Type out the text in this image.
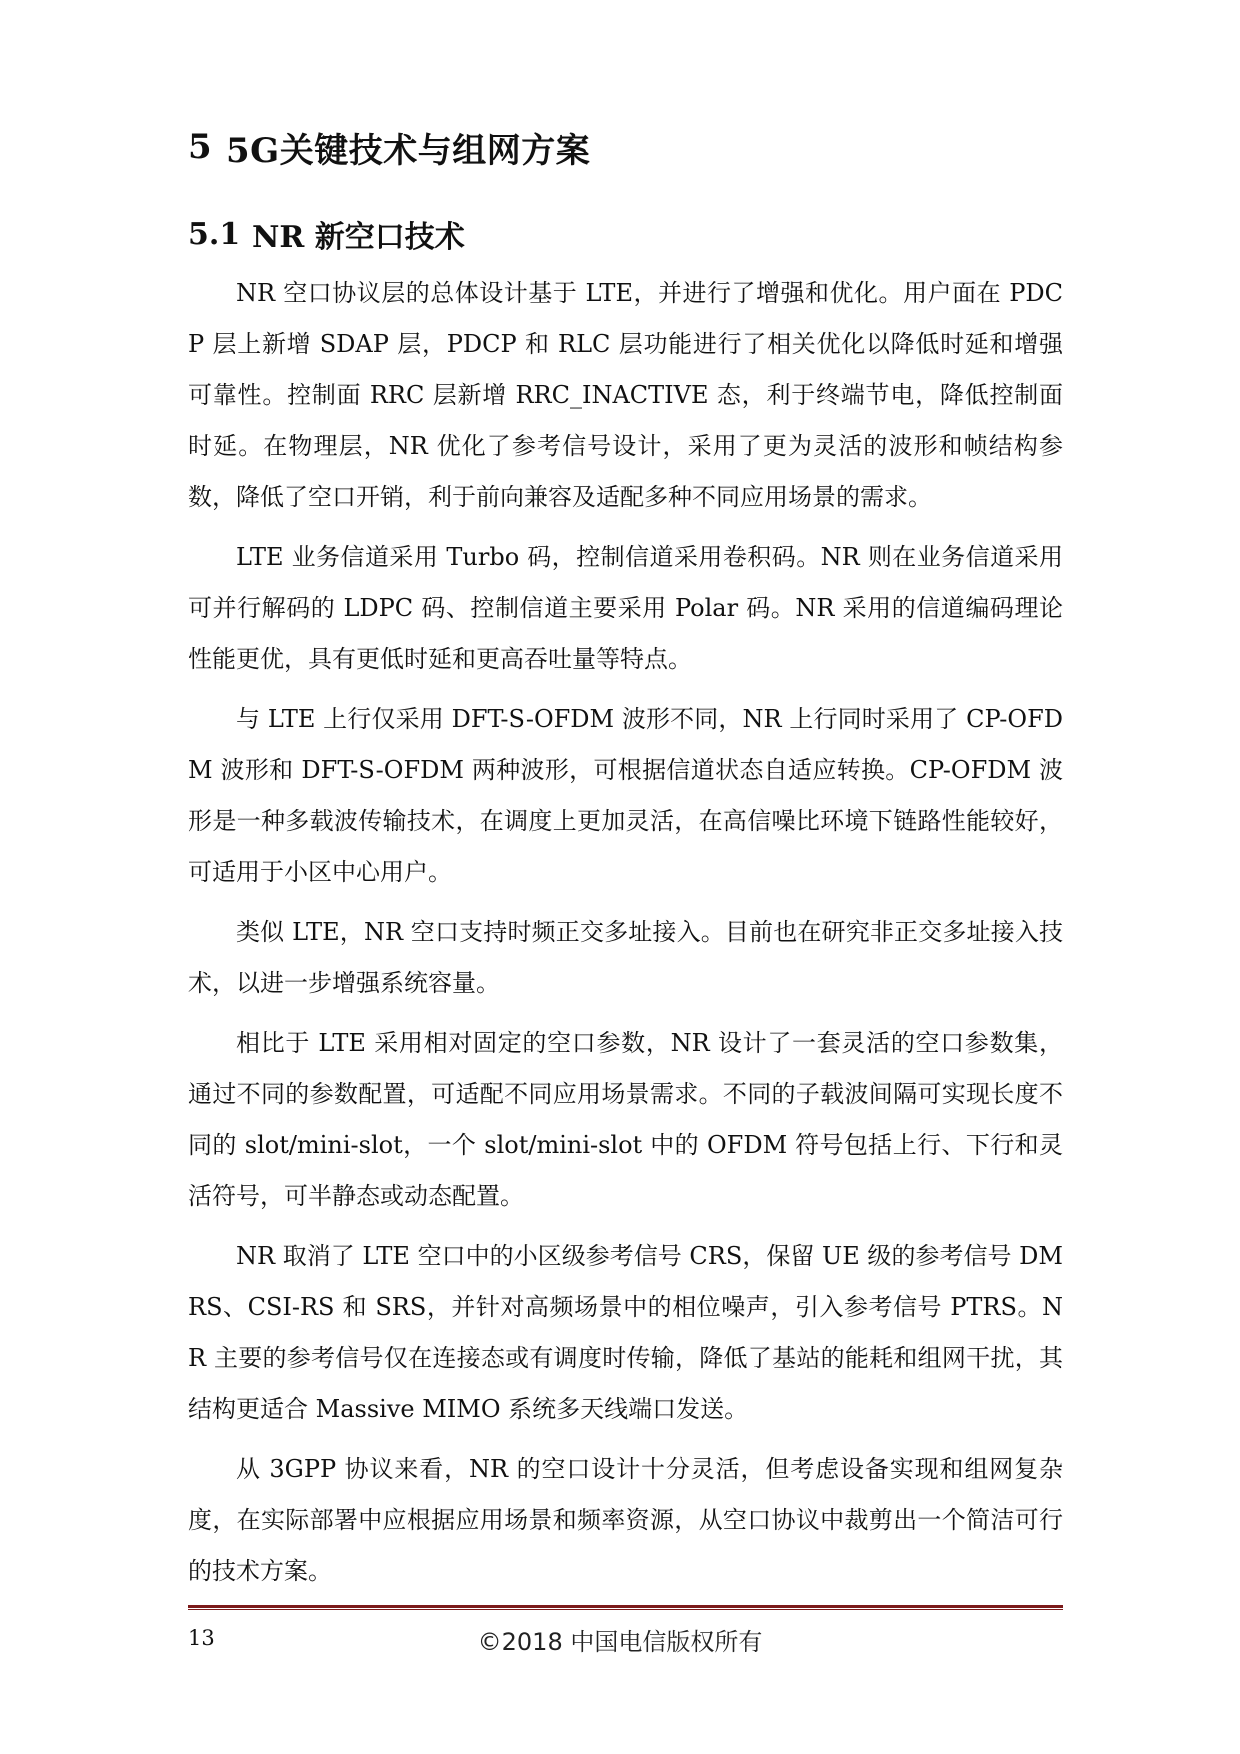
5 5G关键技术与组网方案
5.1 NR 新空口技术

NR 空口协议层的总体设计基于 LTE，并进行了增强和优化。用户面在 PDCP 层上新增 SDAP 层，PDCP 和 RLC 层功能进行了相关优化以降低时延和增强可靠性。控制面 RRC 层新增 RRC_INACTIVE 态，利于终端节电，降低控制面时延。在物理层，NR 优化了参考信号设计，采用了更为灵活的波形和帧结构参数，降低了空口开销，利于前向兼容及适配多种不同应用场景的需求。

LTE 业务信道采用 Turbo 码，控制信道采用卷积码。NR 则在业务信道采用可并行解码的 LDPC 码、控制信道主要采用 Polar 码。NR 采用的信道编码理论性能更优，具有更低时延和更高吞吐量等特点。

与 LTE 上行仅采用 DFT-S-OFDM 波形不同，NR 上行同时采用了 CP-OFDM 波形和 DFT-S-OFDM 两种波形，可根据信道状态自适应转换。CP-OFDM 波形是一种多载波传输技术，在调度上更加灵活，在高信噪比环境下链路性能较好，可适用于小区中心用户。

类似 LTE，NR 空口支持时频正交多址接入。目前也在研究非正交多址接入技术，以进一步增强系统容量。

相比于 LTE 采用相对固定的空口参数，NR 设计了一套灵活的空口参数集，通过不同的参数配置，可适配不同应用场景需求。不同的子载波间隔可实现长度不同的 slot/mini-slot，一个 slot/mini-slot 中的 OFDM 符号包括上行、下行和灵活符号，可半静态或动态配置。

NR 取消了 LTE 空口中的小区级参考信号 CRS，保留 UE 级的参考信号 DMRS、CSI-RS 和 SRS，并针对高频场景中的相位噪声，引入参考信号 PTRS。NR 主要的参考信号仅在连接态或有调度时传输，降低了基站的能耗和组网干扰，其结构更适合 Massive MIMO 系统多天线端口发送。

从 3GPP 协议来看，NR 的空口设计十分灵活，但考虑设备实现和组网复杂度，在实际部署中应根据应用场景和频率资源，从空口协议中裁剪出一个简洁可行的技术方案。

13	©2018 中国电信版权所有
